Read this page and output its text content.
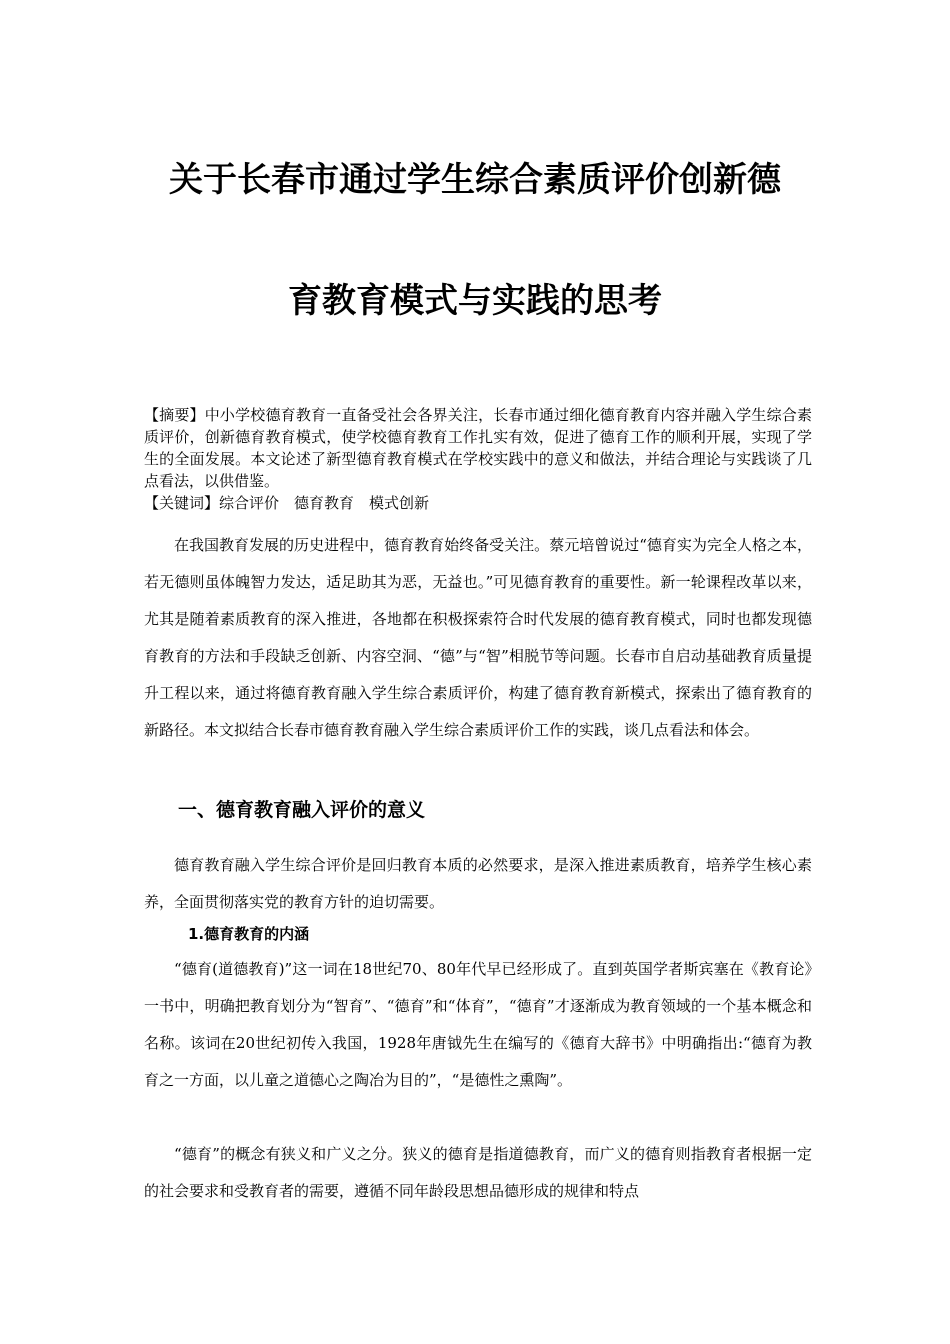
关于长春市通过学生综合素质评价创新德
育教育模式与实践的思考

【摘要】中小学校德育教育一直备受社会各界关注，长春市通过细化德育教育内容并融入学生综合素质评价，创新德育教育模式，使学校德育教育工作扎实有效，促进了德育工作的顺利开展，实现了学生的全面发展。本文论述了新型德育教育模式在学校实践中的意义和做法，并结合理论与实践谈了几点看法，以供借鉴。

【关键词】综合评价　德育教育　模式创新

在我国教育发展的历史进程中，德育教育始终备受关注。蔡元培曾说过“德育实为完全人格之本，若无德则虽体魄智力发达，适足助其为恶，无益也。”可见德育教育的重要性。新一轮课程改革以来，尤其是随着素质教育的深入推进，各地都在积极探索符合时代发展的德育教育模式，同时也都发现德育教育的方法和手段缺乏创新、内容空洞、“德”与“智”相脱节等问题。长春市自启动基础教育质量提升工程以来，通过将德育教育融入学生综合素质评价，构建了德育教育新模式，探索出了德育教育的新路径。本文拟结合长春市德育教育融入学生综合素质评价工作的实践，谈几点看法和体会。

一、德育教育融入评价的意义

德育教育融入学生综合评价是回归教育本质的必然要求，是深入推进素质教育，培养学生核心素养，全面贯彻落实党的教育方针的迫切需要。

1.德育教育的内涵

“德育(道德教育)”这一词在18世纪70、80年代早已经形成了。直到英国学者斯宾塞在《教育论》一书中，明确把教育划分为“智育”、“德育”和“体育”，“德育”才逐渐成为教育领域的一个基本概念和名称。该词在20世纪初传入我国，1928年唐钺先生在编写的《德育大辞书》中明确指出:“德育为教育之一方面，以儿童之道德心之陶冶为目的”，“是德性之熏陶”。

“德育”的概念有狭义和广义之分。狭义的德育是指道德教育，而广义的德育则指教育者根据一定的社会要求和受教育者的需要，遵循不同年龄段思想品德形成的规律和特点
